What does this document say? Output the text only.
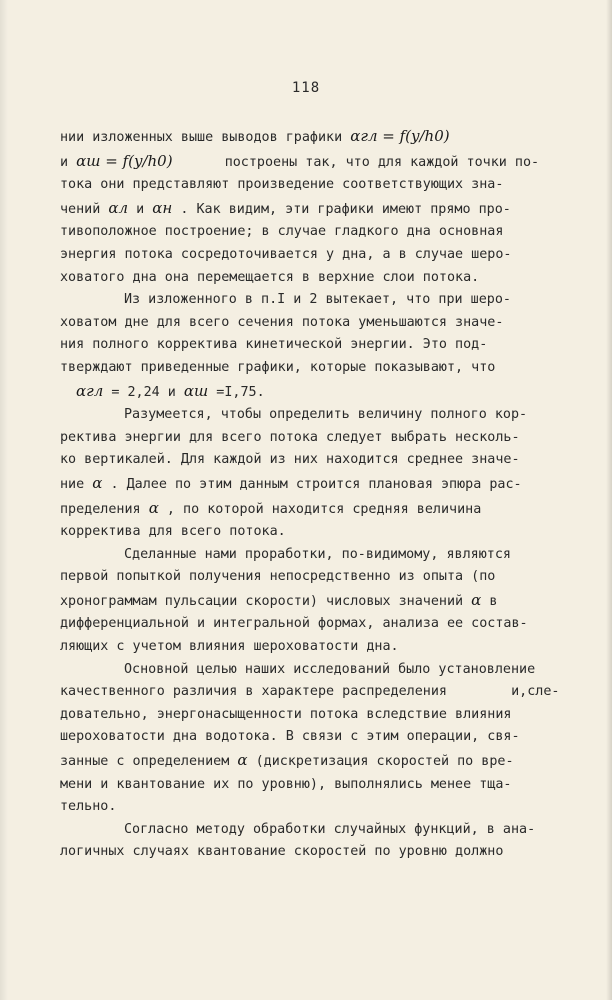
118
нии изложенных выше выводов графики αгл = f(y/h0)
и αш = f(y/h0)	построены так, что для каждой точки по-
тока они представляют произведение соответствующих зна-
чений αл и αн . Как видим, эти графики имеют прямо про-
тивоположное построение; в случае гладкого дна основная
энергия потока сосредоточивается у дна, а в случае шеро-
ховатого дна она перемещается в верхние слои потока.
Из изложенного в п.I и 2 вытекает, что при шеро-
ховатом дне для всего сечения потока уменьшаются значе-
ния полного корректива кинетической энергии. Это под-
тверждают приведенные графики, которые показывают, что
αгл = 2,24 и αш =I,75.
Разумеется, чтобы определить величину полного кор-
ректива энергии для всего потока следует выбрать несколь-
ко вертикалей. Для каждой из них находится среднее значе-
ние α . Далее по этим данным строится плановая эпюра рас-
пределения α , по которой находится средняя величина
корректива для всего потока.
Сделанные нами проработки, по-видимому, являются
первой попыткой получения непосредственно из опыта (по
хронограммам пульсации скорости) числовых значений α в
дифференциальной и интегральной формах, анализа ее состав-
ляющих с учетом влияния шероховатости дна.
Основной целью наших исследований было установление
качественного различия в характере распределения	и,сле-
довательно, энергонасыщенности потока вследствие влияния
шероховатости дна водотока. В связи с этим операции, свя-
занные с определением α (дискретизация скоростей по вре-
мени и квантование их по уровню), выполнялись менее тща-
тельно.
Согласно методу обработки случайных функций, в ана-
логичных случаях квантование скоростей по уровню должно
